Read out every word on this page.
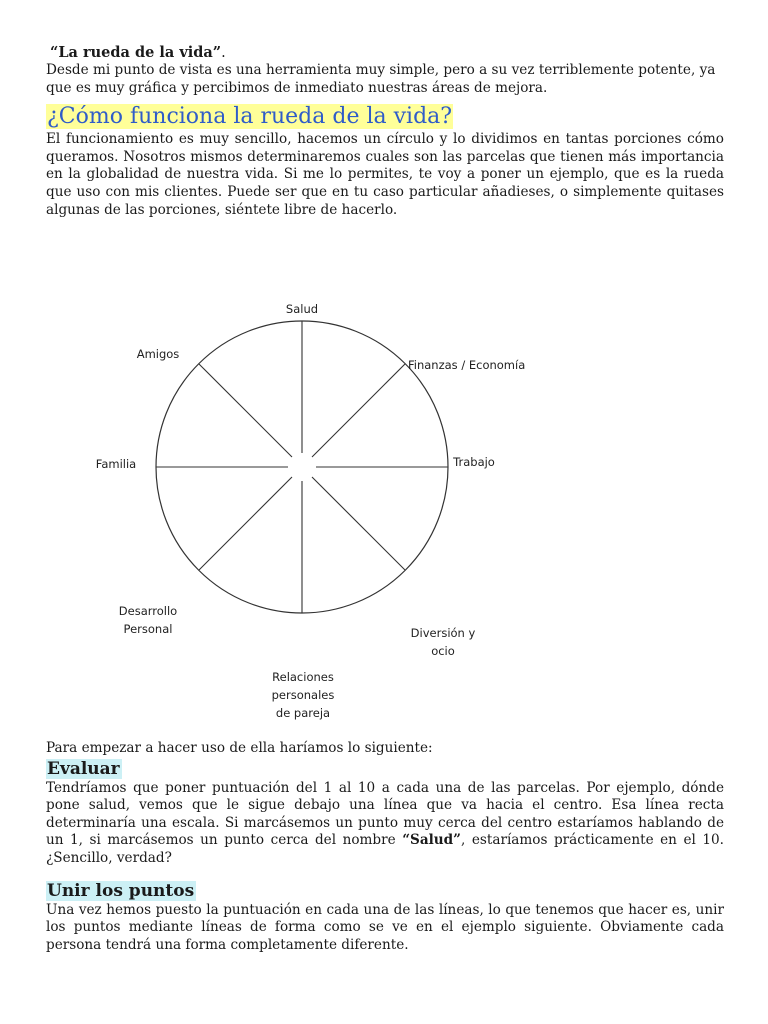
“La rueda de la vida”.

Desde mi punto de vista es una herramienta muy simple, pero a su vez terriblemente potente, ya que es muy gráfica y percibimos de inmediato nuestras áreas de mejora.

¿Cómo funciona la rueda de la vida?

El funcionamiento es muy sencillo, hacemos un círculo y lo dividimos en tantas porciones cómo queramos. Nosotros mismos determinaremos cuales son las parcelas que tienen más importancia en la globalidad de nuestra vida. Si me lo permites, te voy a poner un ejemplo, que es la rueda que uso con mis clientes. Puede ser que en tu caso particular añadieses, o simplemente quitases algunas de las porciones, siéntete libre de hacerlo.

Salud
Finanzas / Economía
Trabajo
Diversión y
ocio
Relaciones
personales
de pareja
Desarrollo
Personal
Familia
Amigos

Para empezar a hacer uso de ella haríamos lo siguiente:

Evaluar

Tendríamos que poner puntuación del 1 al 10 a cada una de las parcelas. Por ejemplo, dónde pone salud, vemos que le sigue debajo una línea que va hacia el centro. Esa línea recta determinaría una escala. Si marcásemos un punto muy cerca del centro estaríamos hablando de un 1, si marcásemos un punto cerca del nombre “Salud”, estaríamos prácticamente en el 10. ¿Sencillo, verdad?

Unir los puntos

Una vez hemos puesto la puntuación en cada una de las líneas, lo que tenemos que hacer es, unir los puntos mediante líneas de forma como se ve en el ejemplo siguiente. Obviamente cada persona tendrá una forma completamente diferente.
